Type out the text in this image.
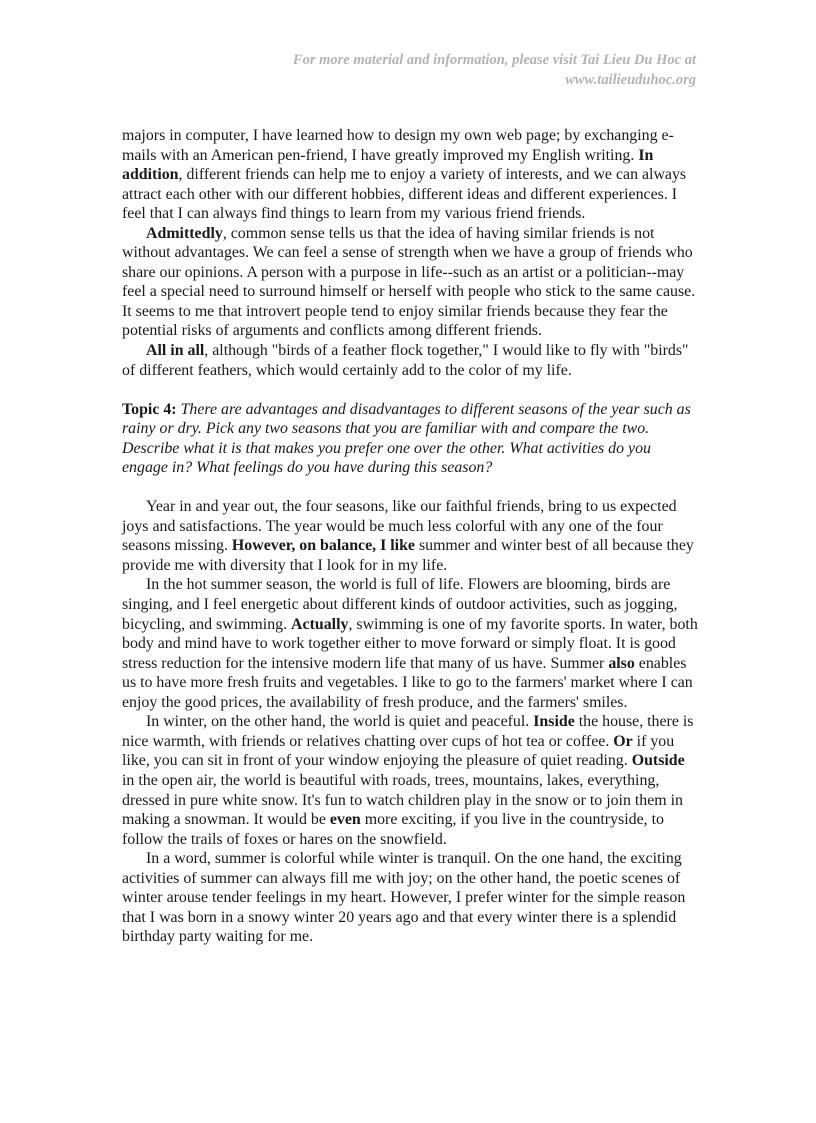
For more material and information, please visit Tai Lieu Du Hoc at
www.tailieuduhoc.org

majors in computer, I have learned how to design my own web page; by exchanging e-mails with an American pen-friend, I have greatly improved my English writing. In addition, different friends can help me to enjoy a variety of interests, and we can always attract each other with our different hobbies, different ideas and different experiences. I feel that I can always find things to learn from my various friend friends.

Admittedly, common sense tells us that the idea of having similar friends is not without advantages. We can feel a sense of strength when we have a group of friends who share our opinions. A person with a purpose in life--such as an artist or a politician--may feel a special need to surround himself or herself with people who stick to the same cause. It seems to me that introvert people tend to enjoy similar friends because they fear the potential risks of arguments and conflicts among different friends.

All in all, although "birds of a feather flock together," I would like to fly with "birds" of different feathers, which would certainly add to the color of my life.

Topic 4: There are advantages and disadvantages to different seasons of the year such as rainy or dry. Pick any two seasons that you are familiar with and compare the two. Describe what it is that makes you prefer one over the other. What activities do you engage in? What feelings do you have during this season?

Year in and year out, the four seasons, like our faithful friends, bring to us expected joys and satisfactions. The year would be much less colorful with any one of the four seasons missing. However, on balance, I like summer and winter best of all because they provide me with diversity that I look for in my life.

In the hot summer season, the world is full of life. Flowers are blooming, birds are singing, and I feel energetic about different kinds of outdoor activities, such as jogging, bicycling, and swimming. Actually, swimming is one of my favorite sports. In water, both body and mind have to work together either to move forward or simply float. It is good stress reduction for the intensive modern life that many of us have. Summer also enables us to have more fresh fruits and vegetables. I like to go to the farmers' market where I can enjoy the good prices, the availability of fresh produce, and the farmers' smiles.

In winter, on the other hand, the world is quiet and peaceful. Inside the house, there is nice warmth, with friends or relatives chatting over cups of hot tea or coffee. Or if you like, you can sit in front of your window enjoying the pleasure of quiet reading. Outside in the open air, the world is beautiful with roads, trees, mountains, lakes, everything, dressed in pure white snow. It's fun to watch children play in the snow or to join them in making a snowman. It would be even more exciting, if you live in the countryside, to follow the trails of foxes or hares on the snowfield.

In a word, summer is colorful while winter is tranquil. On the one hand, the exciting activities of summer can always fill me with joy; on the other hand, the poetic scenes of winter arouse tender feelings in my heart. However, I prefer winter for the simple reason that I was born in a snowy winter 20 years ago and that every winter there is a splendid birthday party waiting for me.
